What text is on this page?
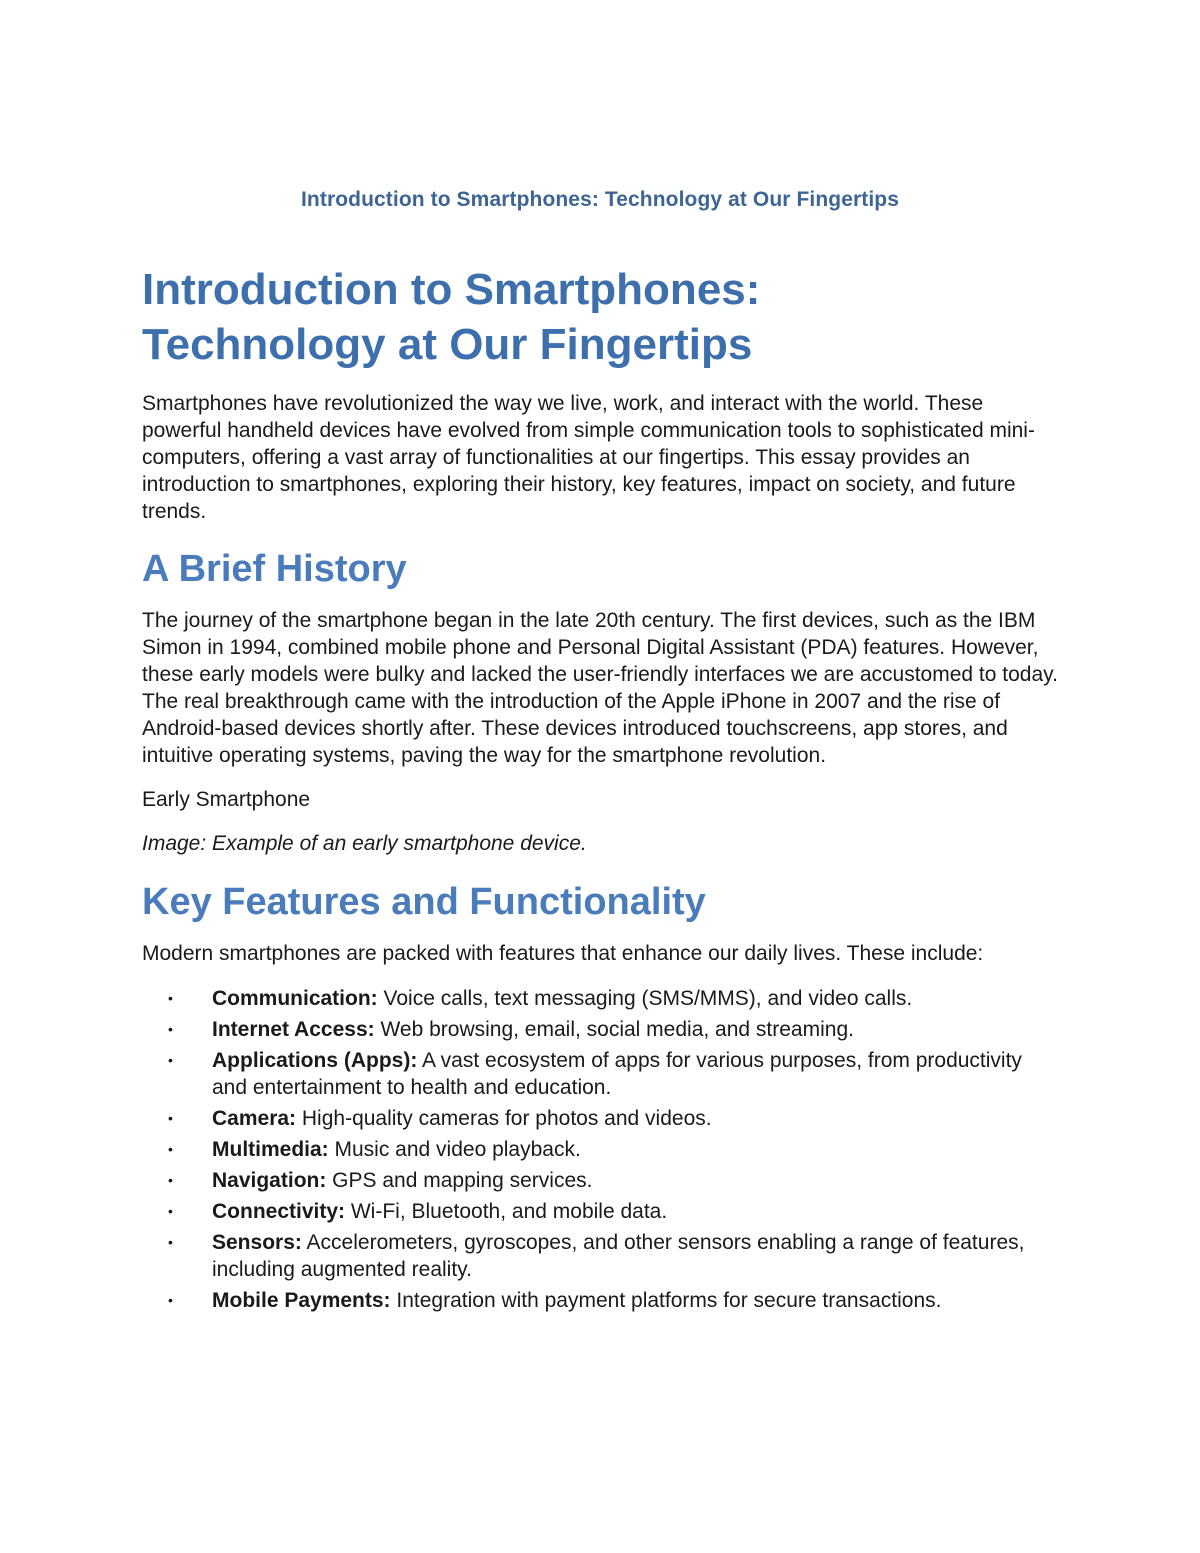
Introduction to Smartphones: Technology at Our Fingertips
Introduction to Smartphones:
Technology at Our Fingertips

Smartphones have revolutionized the way we live, work, and interact with the world. These powerful handheld devices have evolved from simple communication tools to sophisticated mini-computers, offering a vast array of functionalities at our fingertips. This essay provides an introduction to smartphones, exploring their history, key features, impact on society, and future trends.

A Brief History

The journey of the smartphone began in the late 20th century. The first devices, such as the IBM Simon in 1994, combined mobile phone and Personal Digital Assistant (PDA) features. However, these early models were bulky and lacked the user-friendly interfaces we are accustomed to today. The real breakthrough came with the introduction of the Apple iPhone in 2007 and the rise of Android-based devices shortly after. These devices introduced touchscreens, app stores, and intuitive operating systems, paving the way for the smartphone revolution.

Early Smartphone

Image: Example of an early smartphone device.

Key Features and Functionality

Modern smartphones are packed with features that enhance our daily lives. These include:

• Communication: Voice calls, text messaging (SMS/MMS), and video calls.
• Internet Access: Web browsing, email, social media, and streaming.
• Applications (Apps): A vast ecosystem of apps for various purposes, from productivity and entertainment to health and education.
• Camera: High-quality cameras for photos and videos.
• Multimedia: Music and video playback.
• Navigation: GPS and mapping services.
• Connectivity: Wi-Fi, Bluetooth, and mobile data.
• Sensors: Accelerometers, gyroscopes, and other sensors enabling a range of features, including augmented reality.
• Mobile Payments: Integration with payment platforms for secure transactions.
